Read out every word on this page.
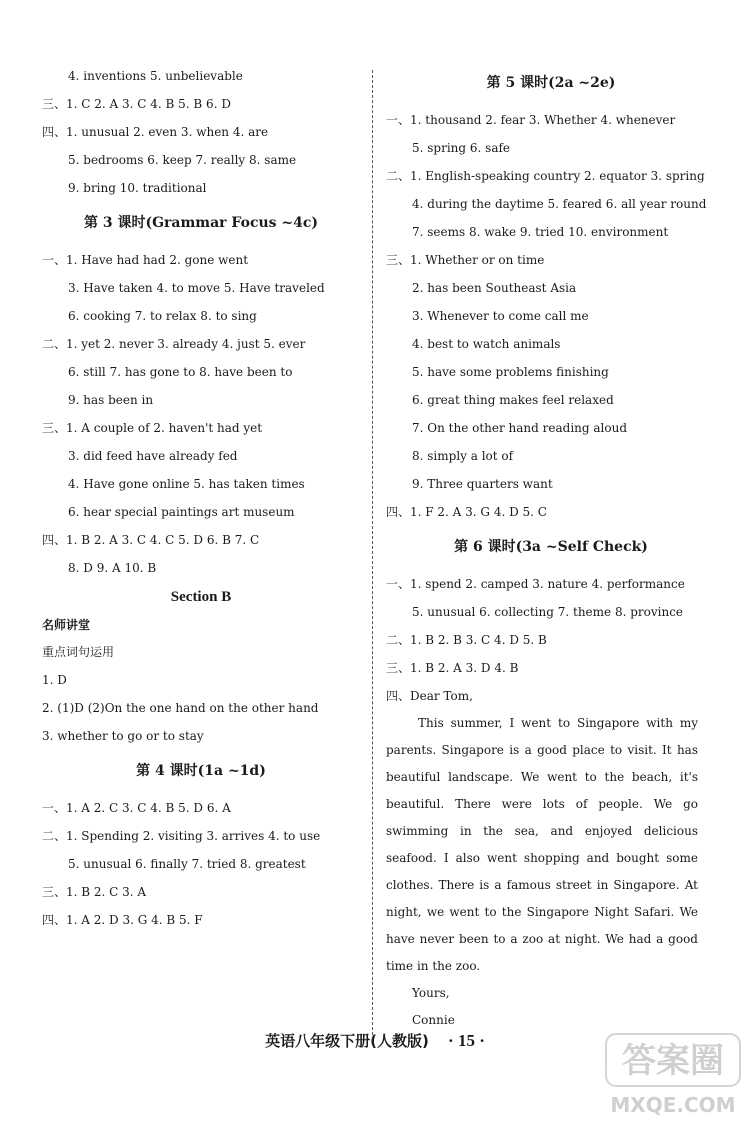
4. inventions 5. unbelievable
三、1. C 2. A 3. C 4. B 5. B 6. D
四、1. unusual 2. even 3. when 4. are
5. bedrooms 6. keep 7. really 8. same
9. bring 10. traditional
第 3 课时(Grammar Focus ~4c)
一、1. Have had had 2. gone went
3. Have taken 4. to move 5. Have traveled
6. cooking 7. to relax 8. to sing
二、1. yet 2. never 3. already 4. just 5. ever
6. still 7. has gone to 8. have been to
9. has been in
三、1. A couple of 2. haven't had yet
3. did feed have already fed
4. Have gone online 5. has taken times
6. hear special paintings art museum
四、1. B 2. A 3. C 4. C 5. D 6. B 7. C
8. D 9. A 10. B
Section B
名师讲堂
重点词句运用
1. D
2. (1)D (2)On the one hand on the other hand
3. whether to go or to stay
第 4 课时(1a ~1d)
一、1. A 2. C 3. C 4. B 5. D 6. A
二、1. Spending 2. visiting 3. arrives 4. to use
5. unusual 6. finally 7. tried 8. greatest
三、1. B 2. C 3. A
四、1. A 2. D 3. G 4. B 5. F
第 5 课时(2a ~2e)
一、1. thousand 2. fear 3. Whether 4. whenever
5. spring 6. safe
二、1. English-speaking country 2. equator 3. spring
4. during the daytime 5. feared 6. all year round
7. seems 8. wake 9. tried 10. environment
三、1. Whether or on time
2. has been Southeast Asia
3. Whenever to come call me
4. best to watch animals
5. have some problems finishing
6. great thing makes feel relaxed
7. On the other hand reading aloud
8. simply a lot of
9. Three quarters want
四、1. F 2. A 3. G 4. D 5. C
第 6 课时(3a ~Self Check)
一、1. spend 2. camped 3. nature 4. performance
5. unusual 6. collecting 7. theme 8. province
二、1. B 2. B 3. C 4. D 5. B
三、1. B 2. A 3. D 4. B
四、Dear Tom,

This summer, I went to Singapore with my parents. Singapore is a good place to visit. It has beautiful landscape. We went to the beach, it's beautiful. There were lots of people. We go swimming in the sea, and enjoyed delicious seafood. I also went shopping and bought some clothes. There is a famous street in Singapore. At night, we went to the Singapore Night Safari. We have never been to a zoo at night. We had a good time in the zoo.

Yours,
Connie
英语八年级下册(人教版) · 15 ·
答案圈
MXQE.COM
